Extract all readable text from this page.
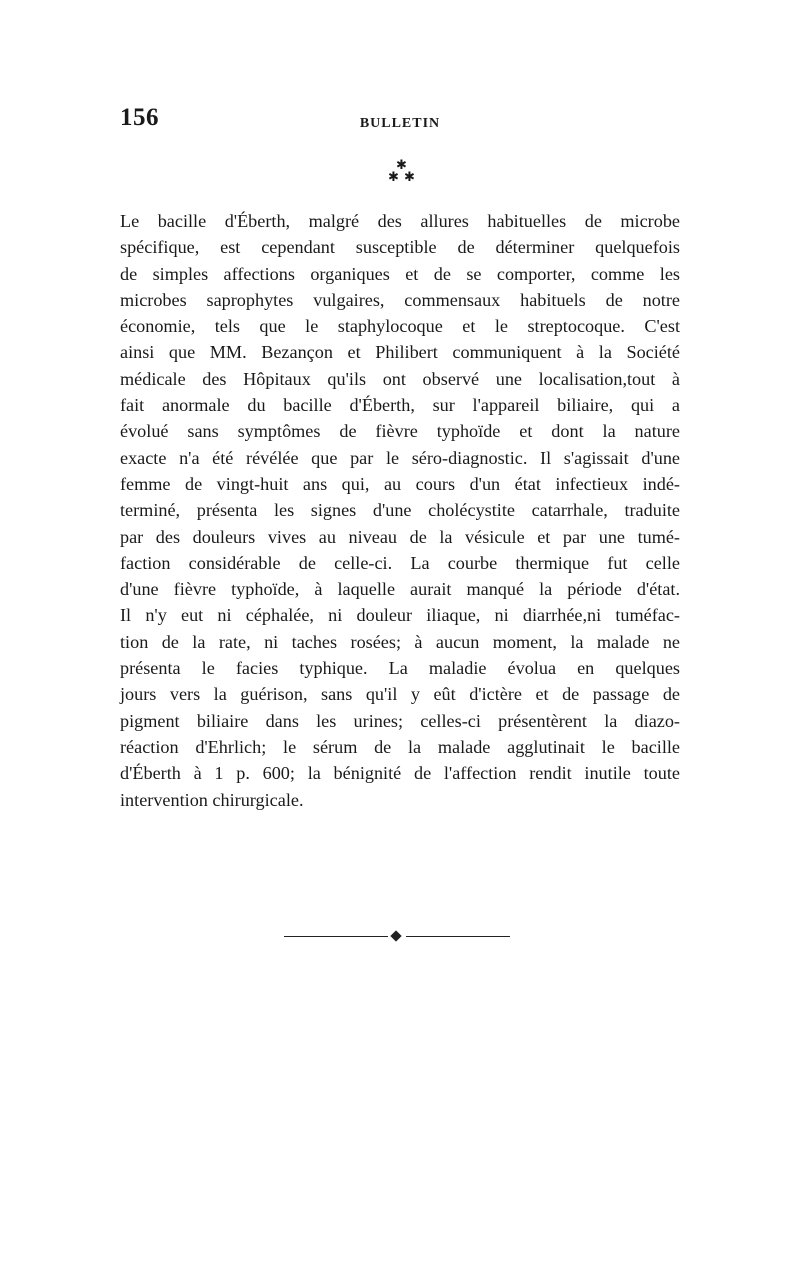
156	BULLETIN
✱
✱ ✱
Le bacille d'Éberth, malgré des allures habituelles de microbe
spécifique, est cependant susceptible de déterminer quelquefois
de simples affections organiques et de se comporter, comme les
microbes saprophytes vulgaires, commensaux habituels de notre
économie, tels que le staphylocoque et le streptocoque. C'est
ainsi que MM. Bezançon et Philibert communiquent à la Société
médicale des Hôpitaux qu'ils ont observé une localisation,tout à
fait anormale du bacille d'Éberth, sur l'appareil biliaire, qui a
évolué sans symptômes de fièvre typhoïde et dont la nature
exacte n'a été révélée que par le séro-diagnostic. Il s'agissait d'une
femme de vingt-huit ans qui, au cours d'un état infectieux indé-
terminé, présenta les signes d'une cholécystite catarrhale, traduite
par des douleurs vives au niveau de la vésicule et par une tumé-
faction considérable de celle-ci. La courbe thermique fut celle
d'une fièvre typhoïde, à laquelle aurait manqué la période d'état.
Il n'y eut ni céphalée, ni douleur iliaque, ni diarrhée,ni tuméfac-
tion de la rate, ni taches rosées; à aucun moment, la malade ne
présenta le facies typhique. La maladie évolua en quelques
jours vers la guérison, sans qu'il y eût d'ictère et de passage de
pigment biliaire dans les urines; celles-ci présentèrent la diazo-
réaction d'Ehrlich; le sérum de la malade agglutinait le bacille
d'Éberth à 1 p. 600; la bénignité de l'affection rendit inutile toute
intervention chirurgicale.
